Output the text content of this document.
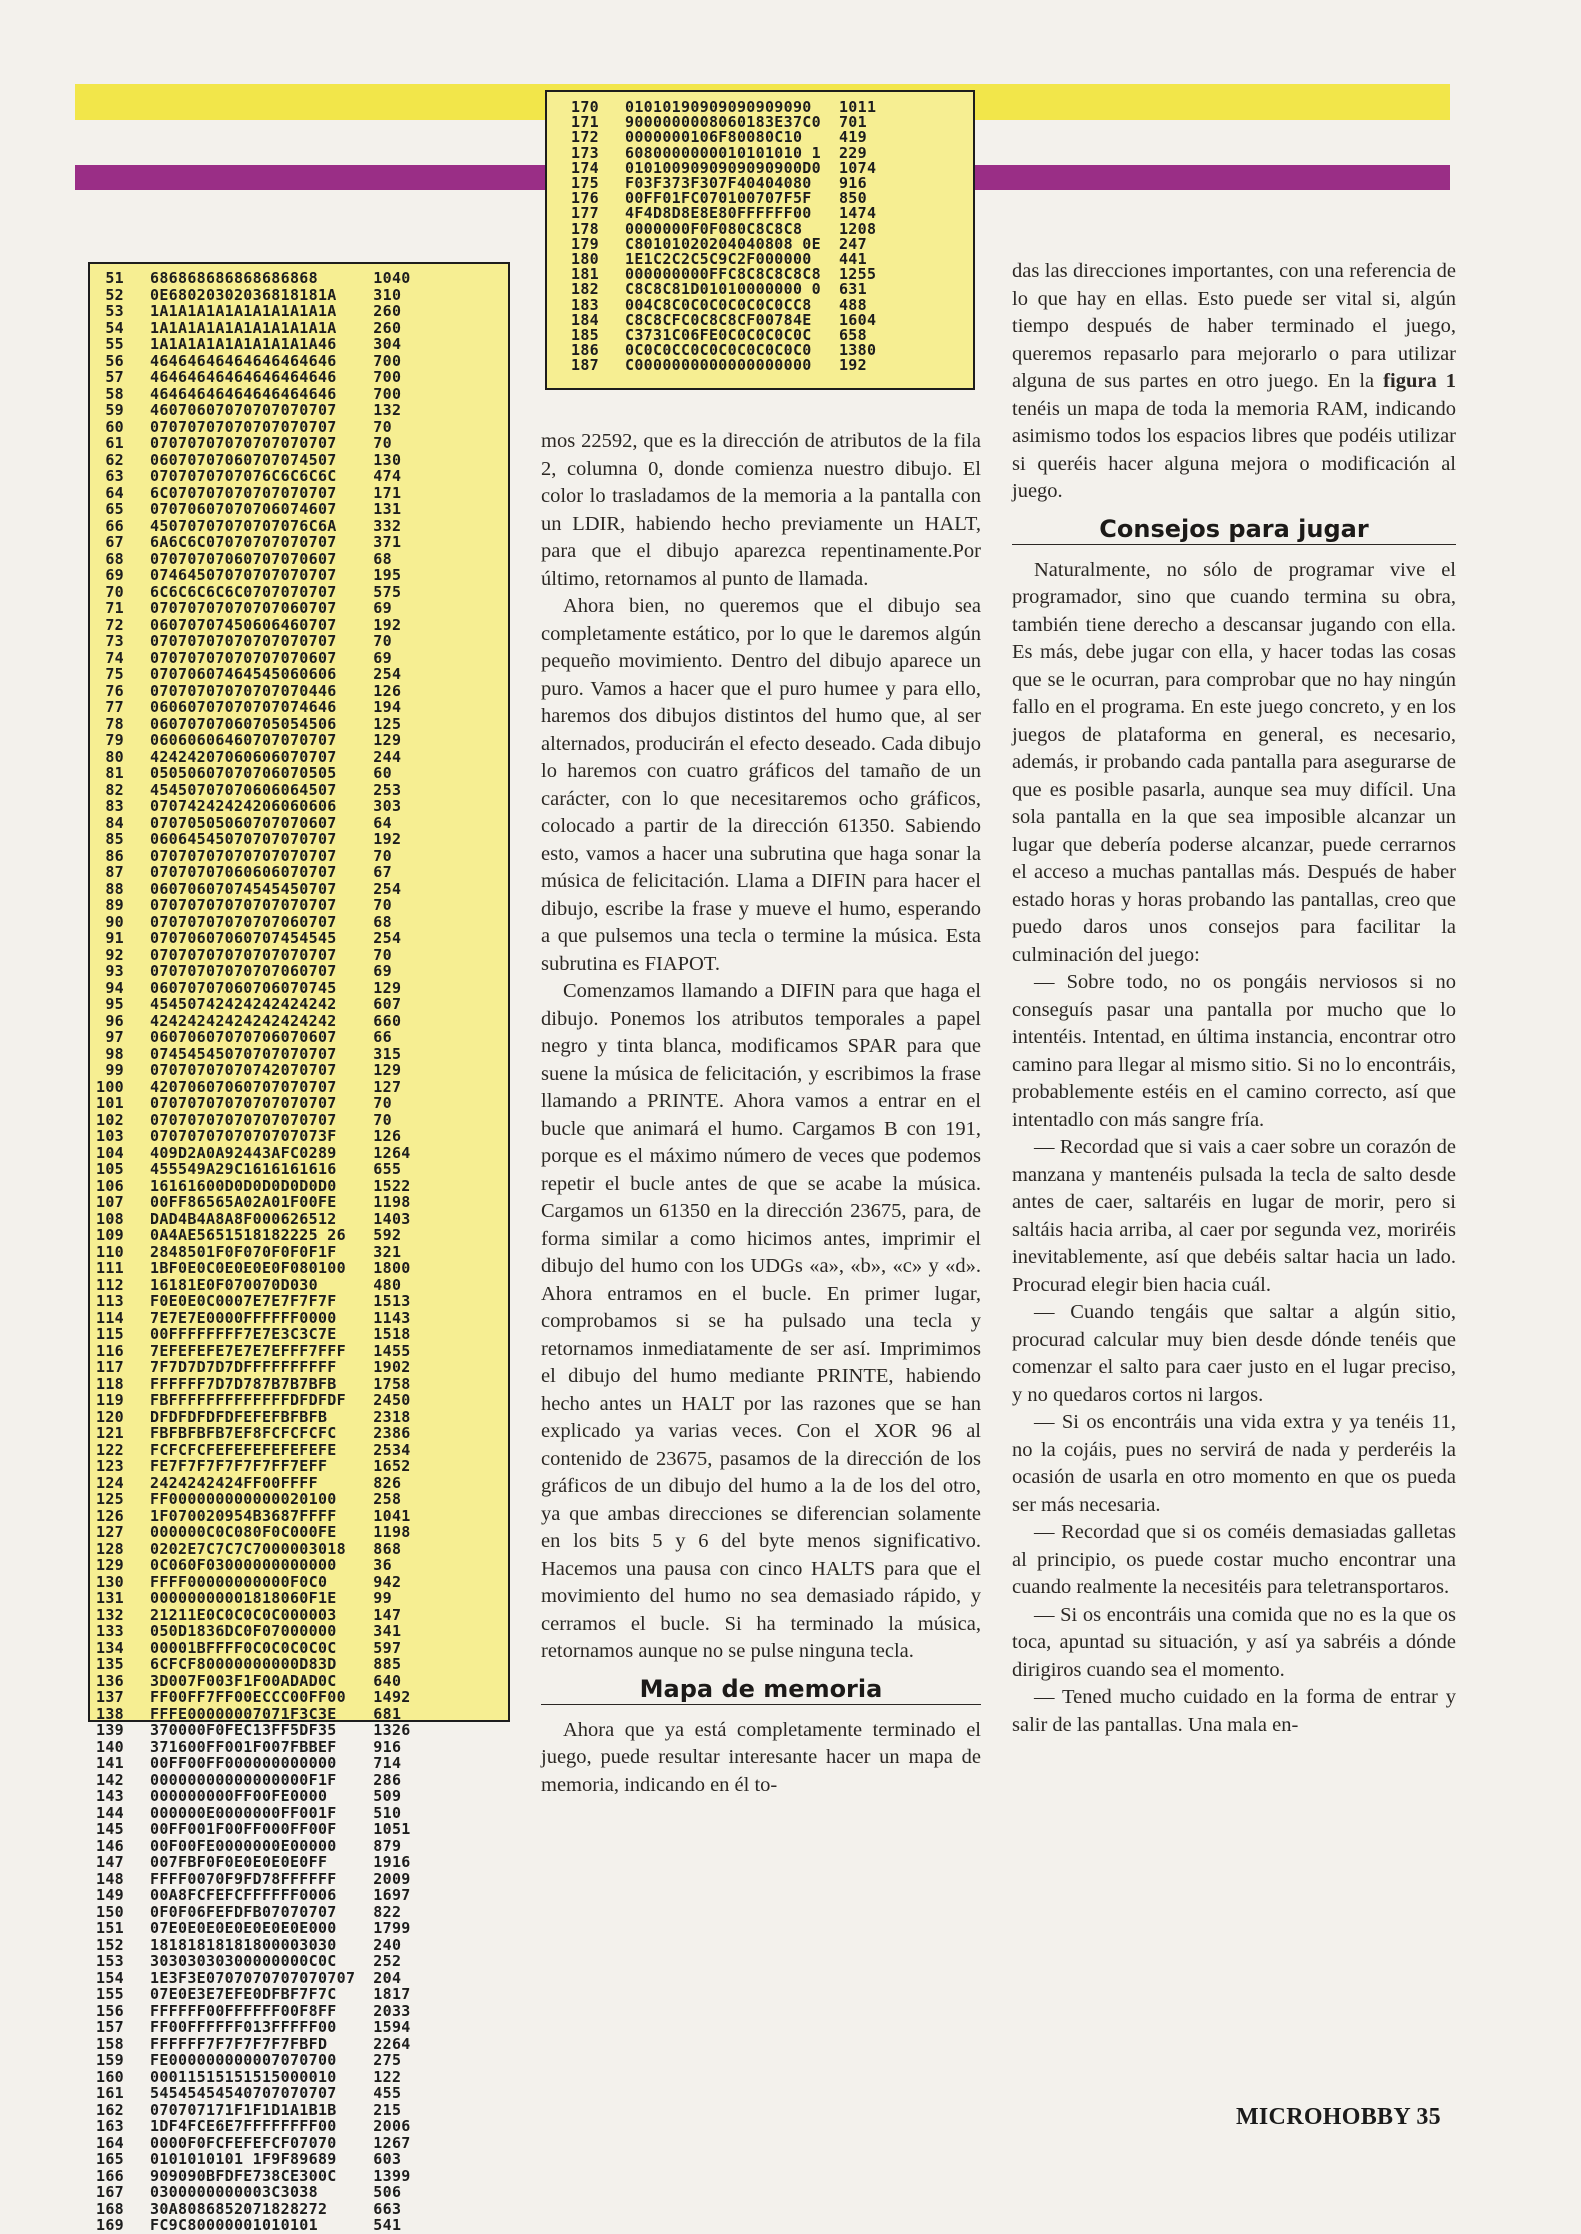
51	686868686868686868	1040
52	0E68020302036818181A	310
53	1A1A1A1A1A1A1A1A1A1A	260
54	1A1A1A1A1A1A1A1A1A1A	260
55	1A1A1A1A1A1A1A1A1A46	304
56	46464646464646464646	700
57	46464646464646464646	700
58	46464646464646464646	700
59	46070607070707070707	132
60	07070707070707070707	70
61	07070707070707070707	70
62	06070707060707074507	130
63	0707070707076C6C6C6C	474
64	6C070707070707070707	171
65	07070607070706074607	131
66	45070707070707076C6A	332
67	6A6C6C07070707070707	371
68	07070707060707070607	68
69	07464507070707070707	195
70	6C6C6C6C6C0707070707	575
71	07070707070707060707	69
72	06070707450606460707	192
73	07070707070707070707	70
74	07070707070707070607	69
75	07070607464545060606	254
76	07070707070707070446	126
77	06060707070707074646	194
78	06070707060705054506	125
79	06060606460707070707	129
80	42424207060606070707	244
81	05050607070706070505	60
82	45450707070606064507	253
83	07074242424206060606	303
84	07070505060707070607	64
85	06064545070707070707	192
86	07070707070707070707	70
87	07070707060606070707	67
88	06070607074545450707	254
89	07070707070707070707	70
90	07070707070707060707	68
91	07070607060707454545	254
92	07070707070707070707	70
93	07070707070707060707	69
94	06070707060706070745	129
95	45450742424242424242	607
96	42424242424242424242	660
97	06070607070706070607	66
98	07454545070707070707	315
99	07070707070742070707	129
100	42070607060707070707	127
101	07070707070707070707	70
102	07070707070707070707	70
103	0707070707070707073F	126
104	409D2A0A92443AFC0289	1264
105	455549A29C1616161616	655
106	16161600D0D0D0D0D0D0	1522
107	00FF86565A02A01F00FE	1198
108	DAD4B4A8A8F000626512	1403
109	0A4AE5651518182225 26	592
110	2848501F0F070F0F0F1F	321
111	1BF0E0C0E0E0E0F080100	1800
112	16181E0F070070D030	480
113	F0E0E0C0007E7E7F7F7F	1513
114	7E7E7E0000FFFFFF0000	1143
115	00FFFFFFFF7E7E3C3C7E	1518
116	7EFEFEFE7E7E7EFFF7FFF	1455
117	7F7D7D7D7DFFFFFFFFFF	1902
118	FFFFFF7D7D787B7B7BFB	1758
119	FBFFFFFFFFFFFFFDFDFDF	2450
120	DFDFDFDFDFEFEFBFBFB	2318
121	FBFBFBFB7EF8FCFCFCFC	2386
122	FCFCFCFEFEFEFEFEFEFE	2534
123	FE7F7F7F7F7F7FF7EFF	1652
124	2424242424FF00FFFF	826
125	FF000000000000020100	258
126	1F070020954B3687FFFF	1041
127	000000C0C080F0C000FE	1198
128	0202E7C7C7C7000003018	868
129	0C060F03000000000000	36
130	FFFF00000000000F0C0	942
131	00000000001818060F1E	99
132	21211E0C0C0C0C000003	147
133	050D1836DC0F07000000	341
134	00001BFFFF0C0C0C0C0C	597
135	6CFCF80000000000D83D	885
136	3D007F003F1F00ADAD0C	640
137	FF00FF7FF00ECCC00FF00	1492
138	FFFE00000007071F3C3E	681
139	370000F0FEC13FF5DF35	1326
140	371600FF001F007FBBEF	916
141	00FF00FF000000000000	714
142	00000000000000000F1F	286
143	000000000FF00FE0000	509
144	000000E0000000FF001F	510
145	00FF001F00FF000FF00F	1051
146	00F00FE0000000E00000	879
147	007FBF0F0E0E0E0E0FF	1916
148	FFFF0070F9FD78FFFFFF	2009
149	00A8FCFEFCFFFFFF0006	1697
150	0F0F06FEFDFB07070707	822
151	07E0E0E0E0E0E0E0E000	1799
152	18181818181800003030	240
153	30303030300000000C0C	252
154	1E3F3E0707070707070707	204
155	07E0E3E7EFE0DFBF7F7C	1817
156	FFFFFF00FFFFFF00F8FF	2033
157	FF00FFFFFF013FFFFF00	1594
158	FFFFFF7F7F7F7F7FBFD	2264
159	FE000000000007070700	275
160	00011515151515000010	122
161	54545454540707070707	455
162	070707171F1F1D1A1B1B	215
163	1DF4FCE6E7FFFFFFFF00	2006
164	0000F0FCFEFEFCF07070	1267
165	0101010101 1F9F89689	603
166	909090BFDFE738CE300C	1399
167	0300000000003C3038	506
168	30A8086852071828272	663
169	FC9C80000001010101	541
170	01010190909090909090	1011
171	9000000008060183E37C0	701
172	0000000106F80080C10	419
173	6080000000010101010 1	229
174	0101009090909090900D0	1074
175	F03F373F307F40404080	916
176	00FF01FC070100707F5F	850
177	4F4D8D8E8E80FFFFFF00	1474
178	0000000F0F080C8C8C8	1208
179	C80101020204040808 0E	247
180	1E1C2C2C5C9C2F000000	441
181	000000000FFC8C8C8C8C8	1255
182	C8C8C81D01010000000 0	631
183	004C8C0C0C0C0C0C0CC8	488
184	C8C8CFC0C8C8CF00784E	1604
185	C3731C06FE0C0C0C0C0C	658
186	0C0C0CC0C0C0C0C0C0C0	1380
187	C0000000000000000000	192

mos 22592, que es la dirección de atributos de la fila 2, columna 0, donde comienza nuestro dibujo. El color lo trasladamos de la memoria a la pantalla con un LDIR, habiendo hecho previamente un HALT, para que el dibujo aparezca repentinamente.Por último, retornamos al punto de llamada.

Ahora bien, no queremos que el dibujo sea completamente estático, por lo que le daremos algún pequeño movimiento. Dentro del dibujo aparece un puro. Vamos a hacer que el puro humee y para ello, haremos dos dibujos distintos del humo que, al ser alternados, producirán el efecto deseado. Cada dibujo lo haremos con cuatro gráficos del tamaño de un carácter, con lo que necesitaremos ocho gráficos, colocado a partir de la dirección 61350. Sabiendo esto, vamos a hacer una subrutina que haga sonar la música de felicitación. Llama a DIFIN para hacer el dibujo, escribe la frase y mueve el humo, esperando a que pulsemos una tecla o termine la música. Esta subrutina es FIAPOT.

Comenzamos llamando a DIFIN para que haga el dibujo. Ponemos los atributos temporales a papel negro y tinta blanca, modificamos SPAR para que suene la música de felicitación, y escribimos la frase llamando a PRINTE. Ahora vamos a entrar en el bucle que animará el humo. Cargamos B con 191, porque es el máximo número de veces que podemos repetir el bucle antes de que se acabe la música. Cargamos un 61350 en la dirección 23675, para, de forma similar a como hicimos antes, imprimir el dibujo del humo con los UDGs «a», «b», «c» y «d». Ahora entramos en el bucle. En primer lugar, comprobamos si se ha pulsado una tecla y retornamos inmediatamente de ser así. Imprimimos el dibujo del humo mediante PRINTE, habiendo hecho antes un HALT por las razones que se han explicado ya varias veces. Con el XOR 96 al contenido de 23675, pasamos de la dirección de los gráficos de un dibujo del humo a la de los del otro, ya que ambas direcciones se diferencian solamente en los bits 5 y 6 del byte menos significativo. Hacemos una pausa con cinco HALTS para que el movimiento del humo no sea demasiado rápido, y cerramos el bucle. Si ha terminado la música, retornamos aunque no se pulse ninguna tecla.

Mapa de memoria

Ahora que ya está completamente terminado el juego, puede resultar interesante hacer un mapa de memoria, indicando en él to-

das las direcciones importantes, con una referencia de lo que hay en ellas. Esto puede ser vital si, algún tiempo después de haber terminado el juego, queremos repasarlo para mejorarlo o para utilizar alguna de sus partes en otro juego. En la figura 1 tenéis un mapa de toda la memoria RAM, indicando asimismo todos los espacios libres que podéis utilizar si queréis hacer alguna mejora o modificación al juego.

Consejos para jugar

Naturalmente, no sólo de programar vive el programador, sino que cuando termina su obra, también tiene derecho a descansar jugando con ella. Es más, debe jugar con ella, y hacer todas las cosas que se le ocurran, para comprobar que no hay ningún fallo en el programa. En este juego concreto, y en los juegos de plataforma en general, es necesario, además, ir probando cada pantalla para asegurarse de que es posible pasarla, aunque sea muy difícil. Una sola pantalla en la que sea imposible alcanzar un lugar que debería poderse alcanzar, puede cerrarnos el acceso a muchas pantallas más. Después de haber estado horas y horas probando las pantallas, creo que puedo daros unos consejos para facilitar la culminación del juego:

— Sobre todo, no os pongáis nerviosos si no conseguís pasar una pantalla por mucho que lo intentéis. Intentad, en última instancia, encontrar otro camino para llegar al mismo sitio. Si no lo encontráis, probablemente estéis en el camino correcto, así que intentadlo con más sangre fría.

— Recordad que si vais a caer sobre un corazón de manzana y mantenéis pulsada la tecla de salto desde antes de caer, saltaréis en lugar de morir, pero si saltáis hacia arriba, al caer por segunda vez, moriréis inevitablemente, así que debéis saltar hacia un lado. Procurad elegir bien hacia cuál.

— Cuando tengáis que saltar a algún sitio, procurad calcular muy bien desde dónde tenéis que comenzar el salto para caer justo en el lugar preciso, y no quedaros cortos ni largos.

— Si os encontráis una vida extra y ya tenéis 11, no la cojáis, pues no servirá de nada y perderéis la ocasión de usarla en otro momento en que os pueda ser más necesaria.

— Recordad que si os coméis demasiadas galletas al principio, os puede costar mucho encontrar una cuando realmente la necesitéis para teletransportaros.

— Si os encontráis una comida que no es la que os toca, apuntad su situación, y así ya sabréis a dónde dirigiros cuando sea el momento.

— Tened mucho cuidado en la forma de entrar y salir de las pantallas. Una mala en-

MICROHOBBY 35
